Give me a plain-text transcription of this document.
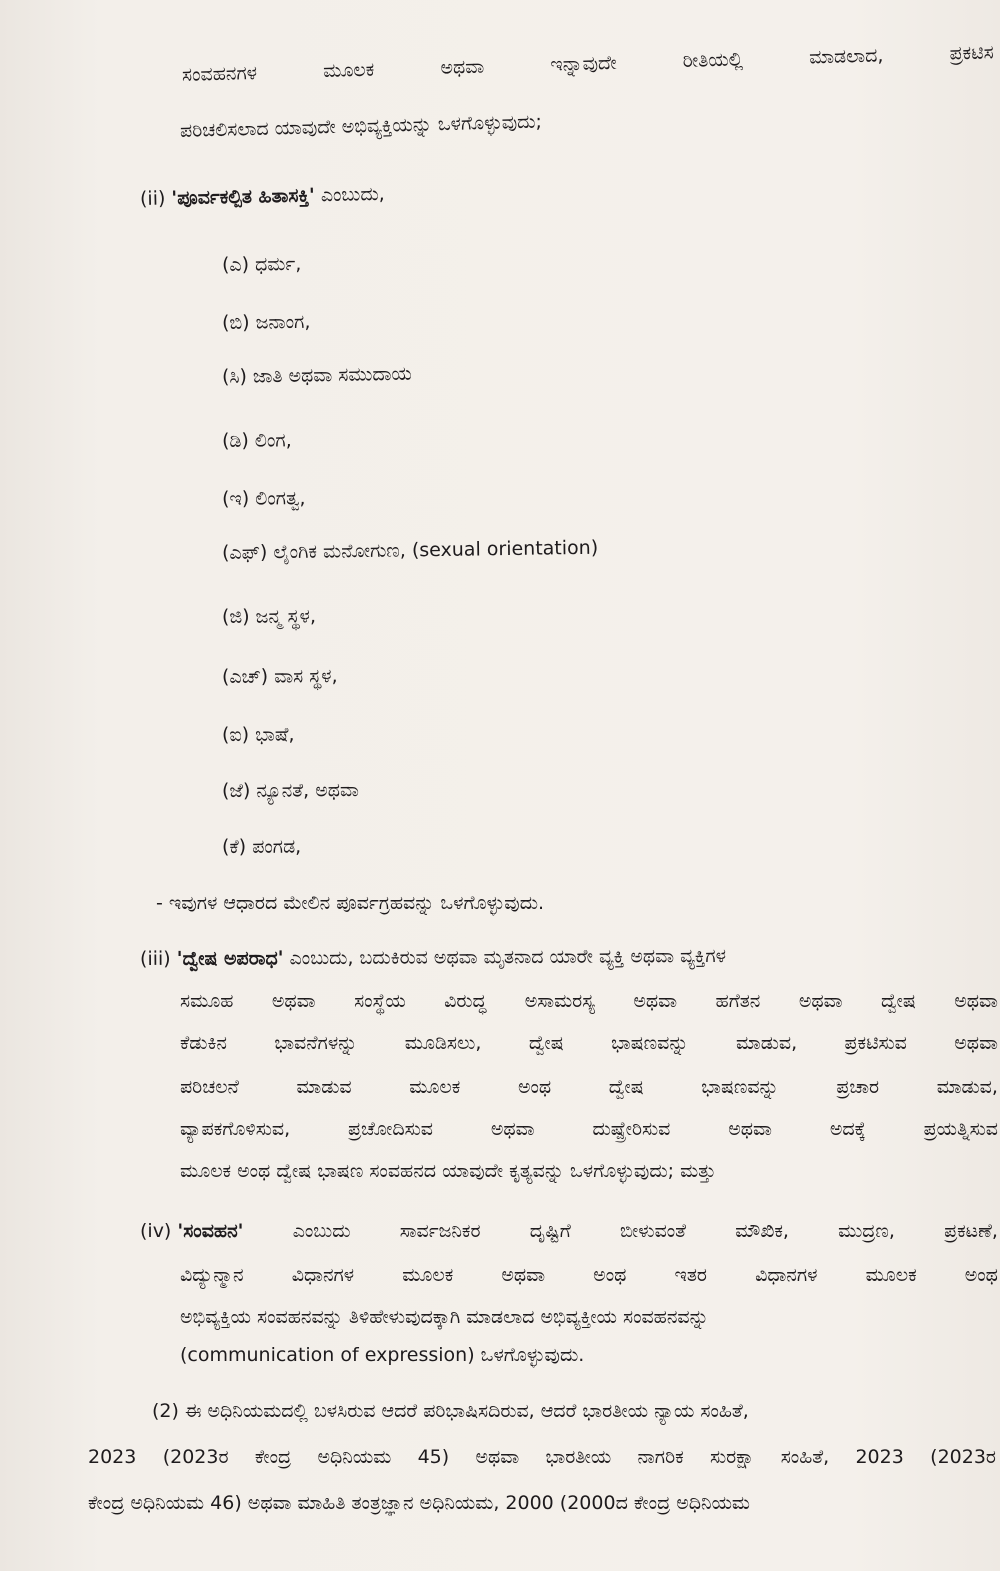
ಸಂವಹನಗಳ	ಮೂಲಕ	ಅಥವಾ	ಇನ್ನಾವುದೇ	ರೀತಿಯಲ್ಲಿ	ಮಾಡಲಾದ,	ಪ್ರಕಟಿಸ
ಪರಿಚಲಿಸಲಾದ ಯಾವುದೇ ಅಭಿವ್ಯಕ್ತಿಯನ್ನು ಒಳಗೊಳ್ಳುವುದು;
(ii) 'ಪೂರ್ವಕಲ್ಪಿತ ಹಿತಾಸಕ್ತಿ' ಎಂಬುದು,
(ಎ) ಧರ್ಮ,
(ಬಿ) ಜನಾಂಗ,
(ಸಿ) ಜಾತಿ ಅಥವಾ ಸಮುದಾಯ
(ಡಿ) ಲಿಂಗ,
(ಇ) ಲಿಂಗತ್ವ,
(ಎಫ್) ಲೈಂಗಿಕ ಮನೋಗುಣ, (sexual orientation)
(ಜಿ) ಜನ್ಮ ಸ್ಥಳ,
(ಎಚ್) ವಾಸ ಸ್ಥಳ,
(ಐ) ಭಾಷೆ,
(ಜೆ) ನ್ಯೂನತೆ, ಅಥವಾ
(ಕೆ) ಪಂಗಡ,
- ಇವುಗಳ ಆಧಾರದ ಮೇಲಿನ ಪೂರ್ವಗ್ರಹವನ್ನು ಒಳಗೊಳ್ಳುವುದು.
(iii) 'ದ್ವೇಷ ಅಪರಾಧ' ಎಂಬುದು, ಬದುಕಿರುವ ಅಥವಾ ಮೃತನಾದ ಯಾರೇ ವ್ಯಕ್ತಿ ಅಥವಾ ವ್ಯಕ್ತಿಗಳ
ಸಮೂಹ ಅಥವಾ ಸಂಸ್ಥೆಯ ವಿರುದ್ಧ ಅಸಾಮರಸ್ಯ ಅಥವಾ ಹಗೆತನ ಅಥವಾ ದ್ವೇಷ ಅಥವಾ
ಕೆಡುಕಿನ ಭಾವನೆಗಳನ್ನು ಮೂಡಿಸಲು, ದ್ವೇಷ ಭಾಷಣವನ್ನು ಮಾಡುವ, ಪ್ರಕಟಿಸುವ ಅಥವಾ
ಪರಿಚಲನೆ	ಮಾಡುವ	ಮೂಲಕ	ಅಂಥ	ದ್ವೇಷ	ಭಾಷಣವನ್ನು	ಪ್ರಚಾರ	ಮಾಡುವ,
ವ್ಯಾಪಕಗೊಳಿಸುವ,	ಪ್ರಚೋದಿಸುವ	ಅಥವಾ	ದುಷ್ಪ್ರೇರಿಸುವ	ಅಥವಾ	ಅದಕ್ಕೆ	ಪ್ರಯತ್ನಿಸುವ
ಮೂಲಕ ಅಂಥ ದ್ವೇಷ ಭಾಷಣ ಸಂವಹನದ ಯಾವುದೇ ಕೃತ್ಯವನ್ನು ಒಳಗೊಳ್ಳುವುದು; ಮತ್ತು
(iv) 'ಸಂವಹನ'	ಎಂಬುದು	ಸಾರ್ವಜನಿಕರ	ದೃಷ್ಟಿಗೆ	ಬೀಳುವಂತೆ	ಮೌಖಿಕ,	ಮುದ್ರಣ,	ಪ್ರಕಟಣೆ,
ವಿದ್ಯುನ್ಮಾನ	ವಿಧಾನಗಳ	ಮೂಲಕ	ಅಥವಾ	ಅಂಥ	ಇತರ	ವಿಧಾನಗಳ	ಮೂಲಕ	ಅಂಥ
ಅಭಿವ್ಯಕ್ತಿಯ ಸಂವಹನವನ್ನು ತಿಳಿಹೇಳುವುದಕ್ಕಾಗಿ ಮಾಡಲಾದ ಅಭಿವ್ಯಕ್ತೀಯ ಸಂವಹನವನ್ನು
(communication of expression) ಒಳಗೊಳ್ಳುವುದು.
(2) ಈ ಅಧಿನಿಯಮದಲ್ಲಿ ಬಳಸಿರುವ ಆದರೆ ಪರಿಭಾಷಿಸದಿರುವ, ಆದರೆ ಭಾರತೀಯ ನ್ಯಾಯ ಸಂಹಿತೆ,
2023 (2023ರ ಕೇಂದ್ರ ಅಧಿನಿಯಮ 45) ಅಥವಾ ಭಾರತೀಯ ನಾಗರಿಕ ಸುರಕ್ಷಾ ಸಂಹಿತೆ, 2023 (2023ರ
ಕೇಂದ್ರ ಅಧಿನಿಯಮ 46) ಅಥವಾ ಮಾಹಿತಿ ತಂತ್ರಜ್ಞಾನ ಅಧಿನಿಯಮ, 2000 (2000ದ ಕೇಂದ್ರ ಅಧಿನಿಯಮ
